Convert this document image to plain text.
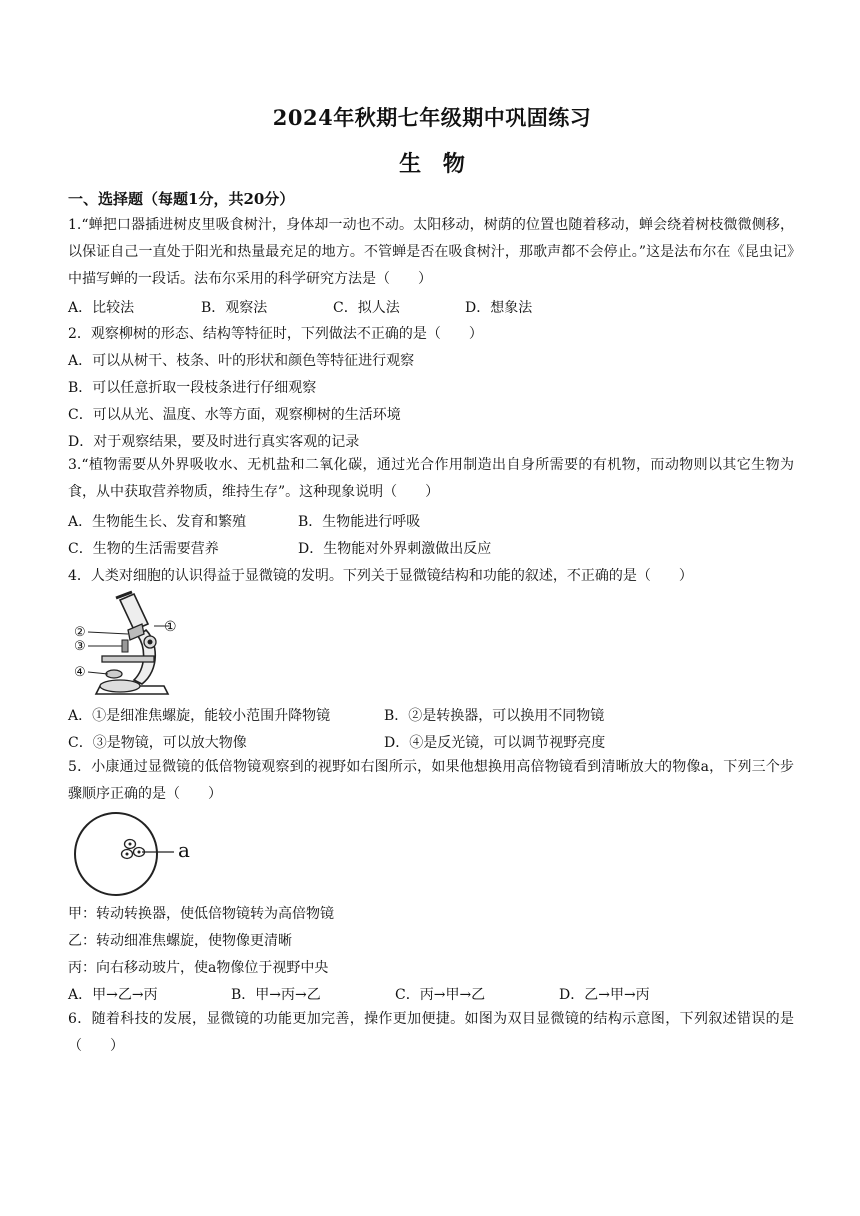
2024年秋期七年级期中巩固练习
生 物
一、选择题（每题1分，共20分）
1.“蝉把口器插进树皮里吸食树汁，身体却一动也不动。太阳移动，树荫的位置也随着移动，蝉会绕着树枝微微侧移，以保证自己一直处于阳光和热量最充足的地方。不管蝉是否在吸食树汁，那歌声都不会停止。”这是法布尔在《昆虫记》中描写蝉的一段话。法布尔采用的科学研究方法是（　　）
A．比较法	B．观察法	C．拟人法	D．想象法
2．观察柳树的形态、结构等特征时，下列做法不正确的是（　　）
A．可以从树干、枝条、叶的形状和颜色等特征进行观察
B．可以任意折取一段枝条进行仔细观察
C．可以从光、温度、水等方面，观察柳树的生活环境
D．对于观察结果，要及时进行真实客观的记录
3.“植物需要从外界吸收水、无机盐和二氧化碳，通过光合作用制造出自身所需要的有机物，而动物则以其它生物为食，从中获取营养物质，维持生存”。这种现象说明（　　）
A．生物能生长、发育和繁殖	B．生物能进行呼吸
C．生物的生活需要营养	D．生物能对外界刺激做出反应
4．人类对细胞的认识得益于显微镜的发明。下列关于显微镜结构和功能的叙述，不正确的是（　　）
①
②
③
④
A．①是细准焦螺旋，能较小范围升降物镜	B．②是转换器，可以换用不同物镜
C．③是物镜，可以放大物像	D．④是反光镜，可以调节视野亮度
5．小康通过显微镜的低倍物镜观察到的视野如右图所示，如果他想换用高倍物镜看到清晰放大的物像a，下列三个步骤顺序正确的是（　　）
a
甲：转动转换器，使低倍物镜转为高倍物镜
乙：转动细准焦螺旋，使物像更清晰
丙：向右移动玻片，使a物像位于视野中央
A．甲→乙→丙	B．甲→丙→乙	C．丙→甲→乙	D．乙→甲→丙
6．随着科技的发展，显微镜的功能更加完善，操作更加便捷。如图为双目显微镜的结构示意图，下列叙述错误的是（　　）
